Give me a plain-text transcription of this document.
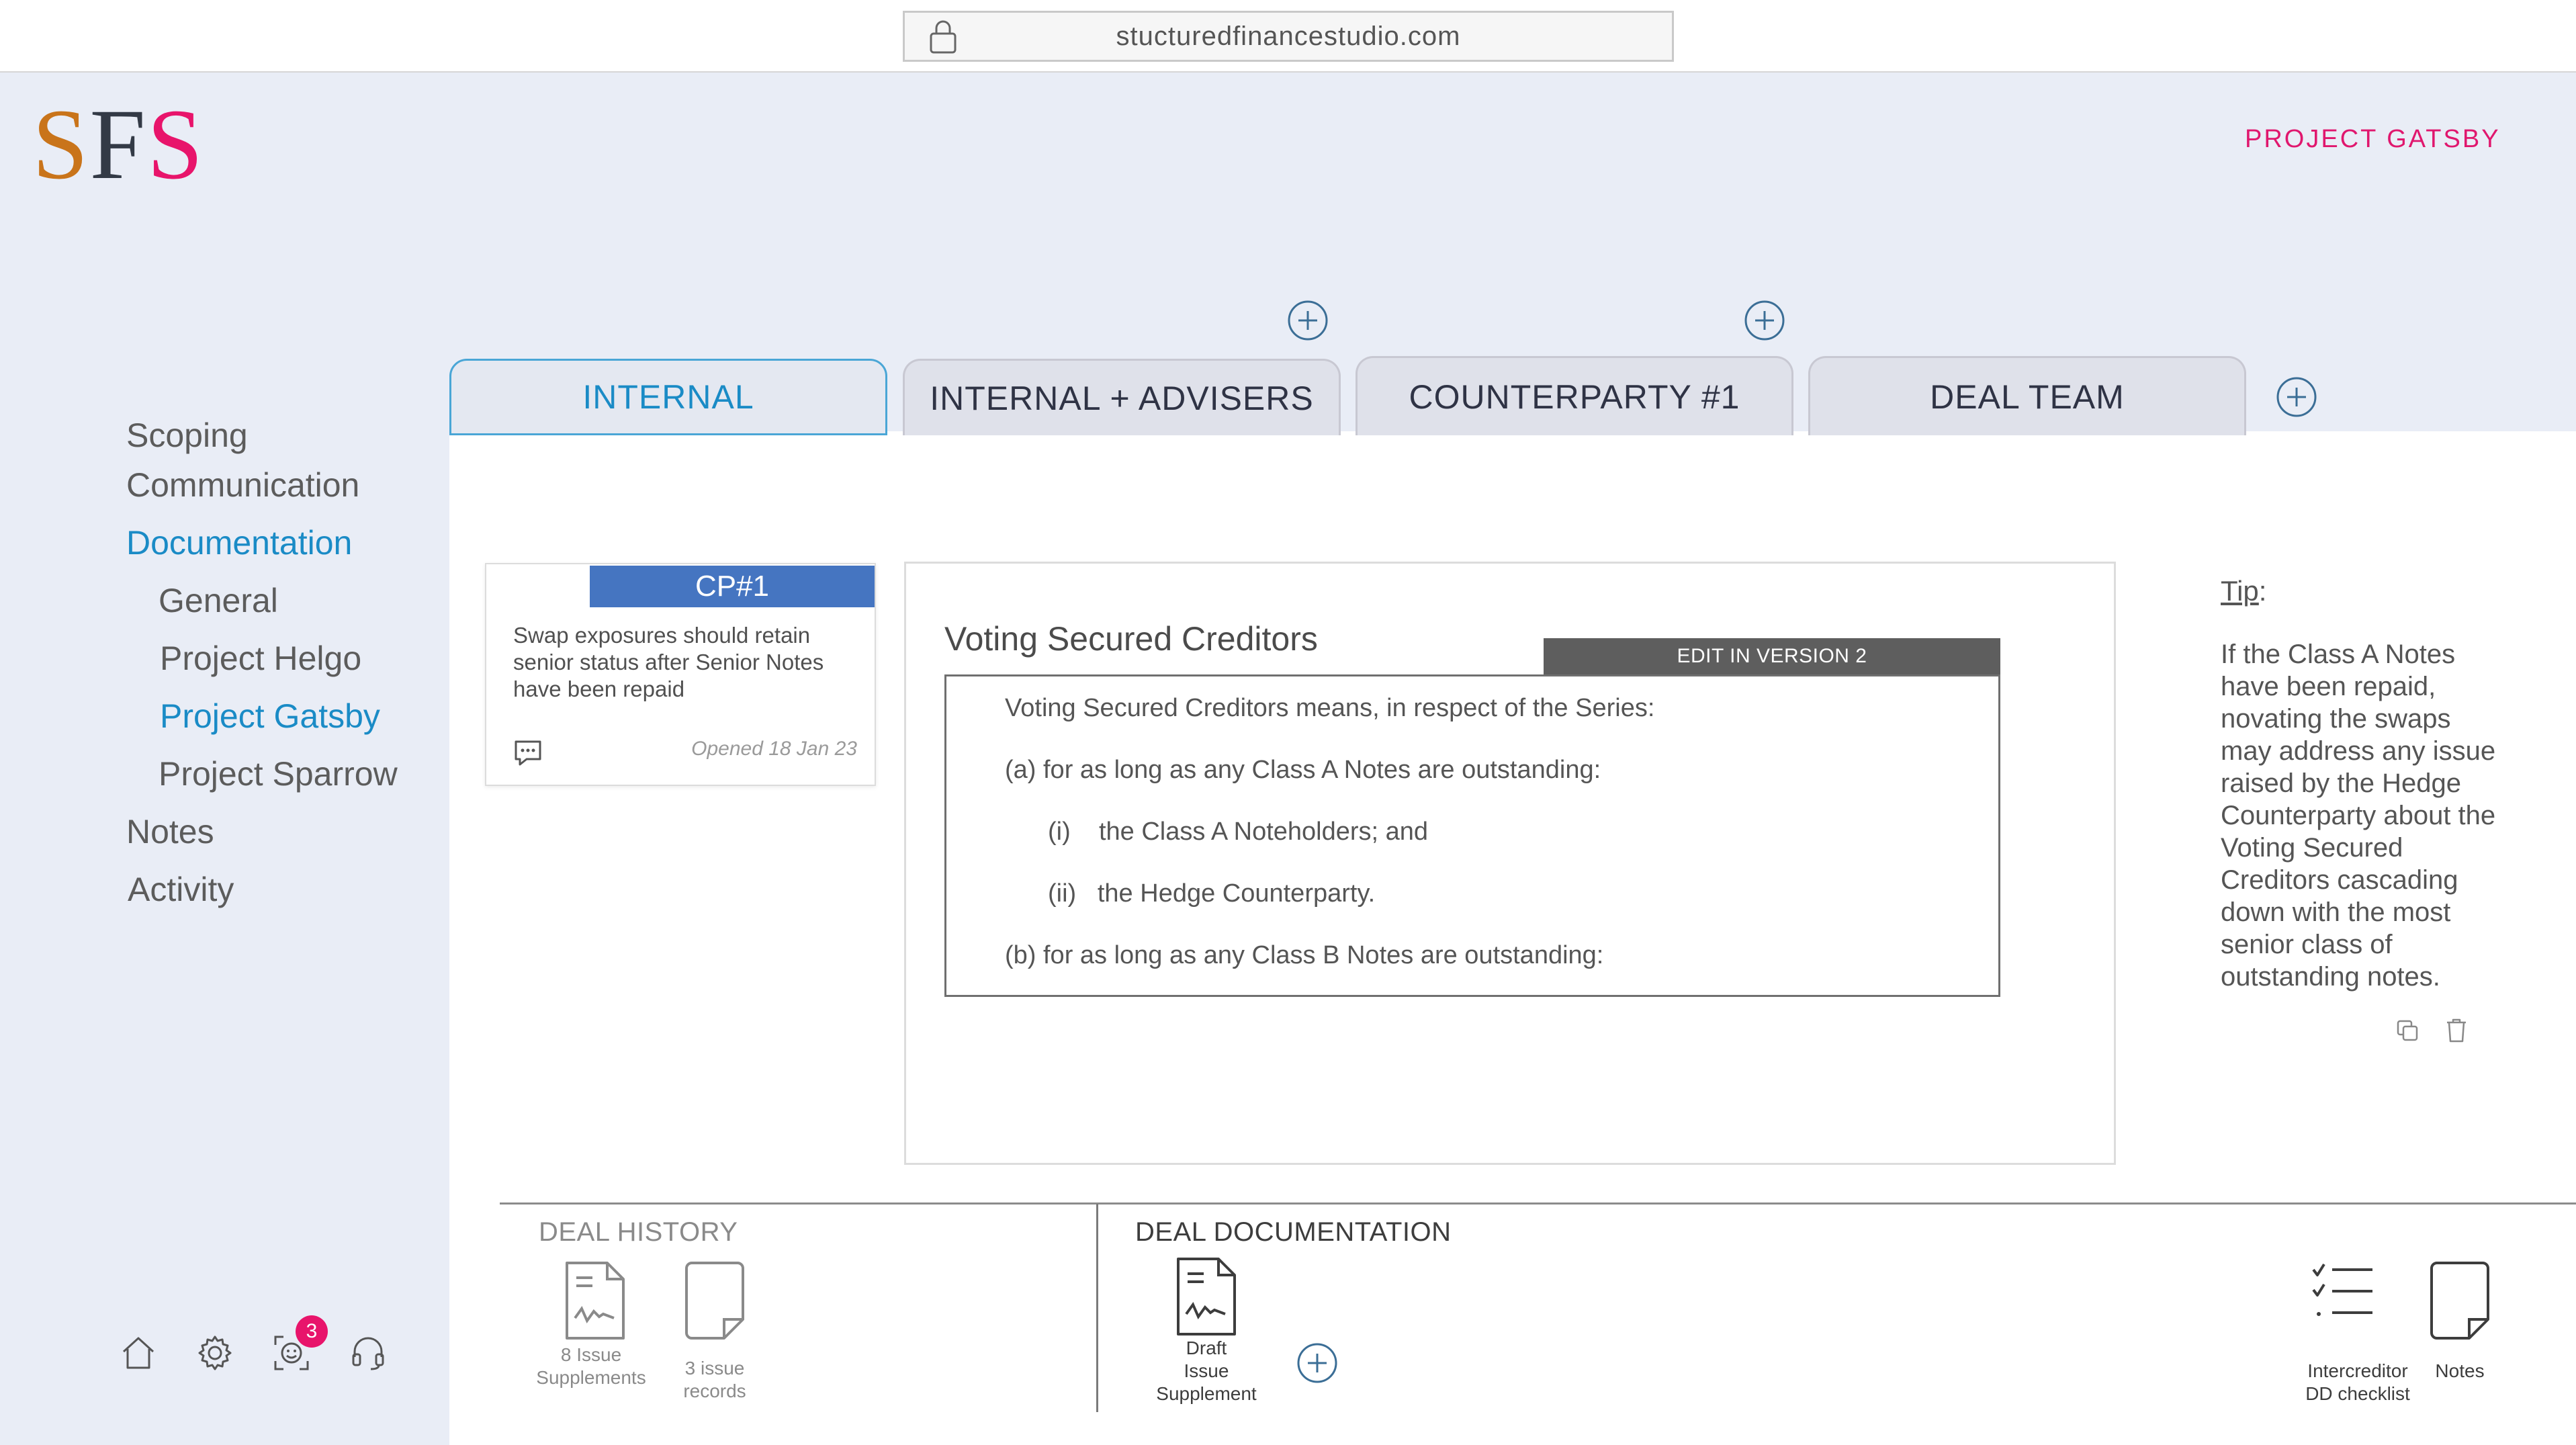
stucturedfinancestudio.com
SFS	PROJECT GATSBY
Scoping
Communication
Documentation
General
Project Helgo
Project Gatsby
Project Sparrow
Notes
Activity
3
INTERNAL	INTERNAL + ADVISERS	COUNTERPARTY #1	DEAL TEAM
CP#1
Swap exposures should retain senior status after Senior Notes have been repaid
Opened 18 Jan 23
Voting Secured Creditors	EDIT IN VERSION 2
Voting Secured Creditors means, in respect of the Series:
(a) for as long as any Class A Notes are outstanding:
(i)    the Class A Noteholders; and
(ii)   the Hedge Counterparty.
(b) for as long as any Class B Notes are outstanding:
Tip:
If the Class A Notes have been repaid, novating the swaps may address any issue raised by the Hedge Counterparty about the Voting Secured Creditors cascading down with the most senior class of outstanding notes.
DEAL HISTORY	DEAL DOCUMENTATION
8 Issue
Supplements	3 issue
records
Draft
Issue
Supplement
Intercreditor
DD checklist
Notes
